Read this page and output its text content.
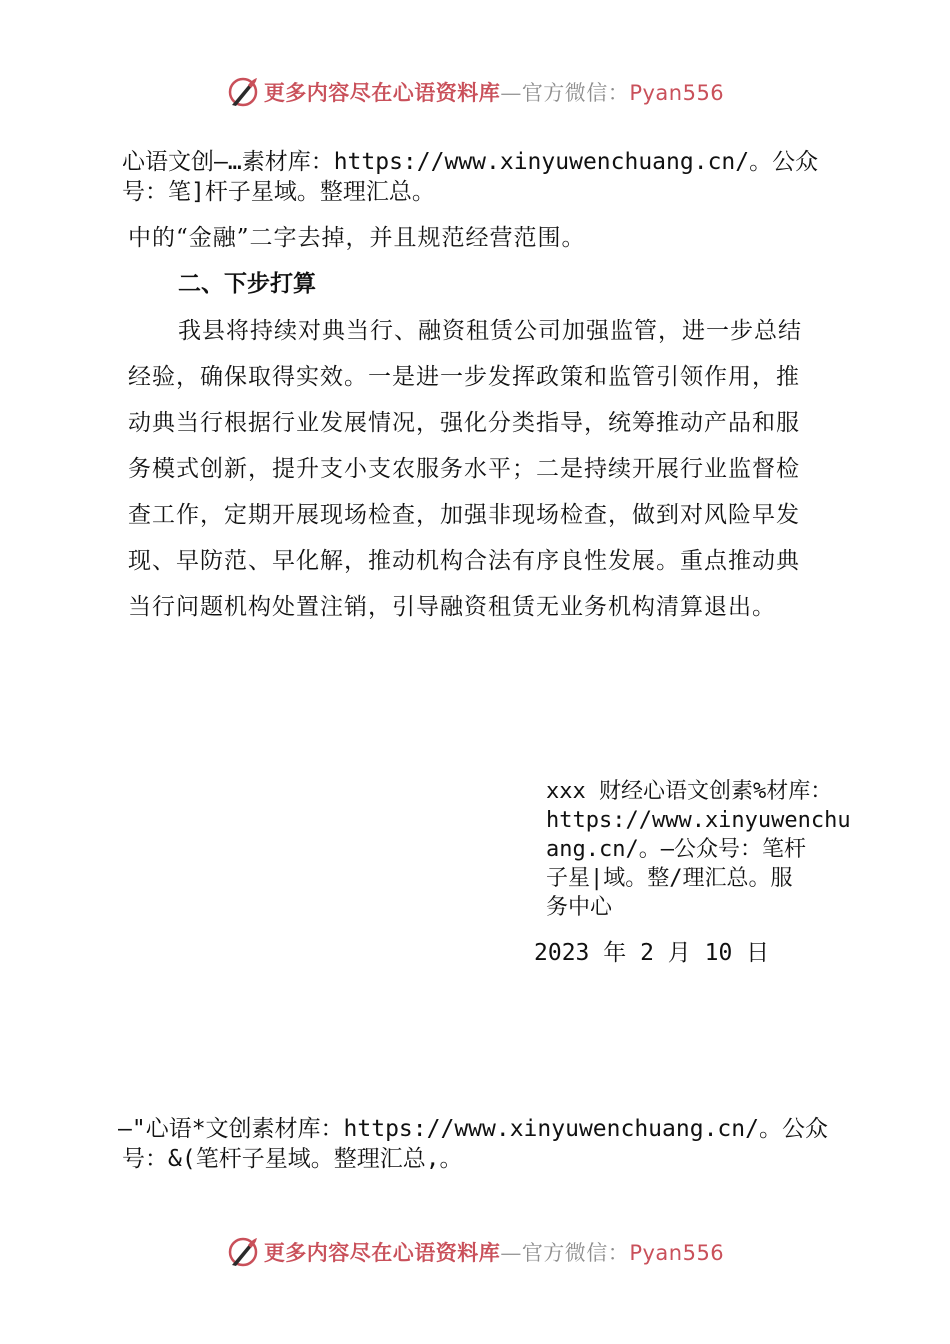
更多内容尽在心语资料库—官方微信：Pyan556
心语文创—…素材库：https://www.xinyuwenchuang.cn/。公众
号：笔]杆子星域。整理汇总。
中的“金融”二字去掉，并且规范经营范围。
二、下步打算
我县将持续对典当行、融资租赁公司加强监管，进一步总结
经验，确保取得实效。一是进一步发挥政策和监管引领作用，推
动典当行根据行业发展情况，强化分类指导，统筹推动产品和服
务模式创新，提升支小支农服务水平；二是持续开展行业监督检
查工作，定期开展现场检查，加强非现场检查，做到对风险早发
现、早防范、早化解，推动机构合法有序良性发展。重点推动典
当行问题机构处置注销，引导融资租赁无业务机构清算退出。
xxx 财经心语文创素%材库：
https://www.xinyuwenchu
ang.cn/。—公众号：笔杆
子星|域。整/理汇总。服
务中心
2023 年 2 月 10 日
—"心语*文创素材库：https://www.xinyuwenchuang.cn/。公众
号：&(笔杆子星域。整理汇总,。
更多内容尽在心语资料库—官方微信：Pyan556
